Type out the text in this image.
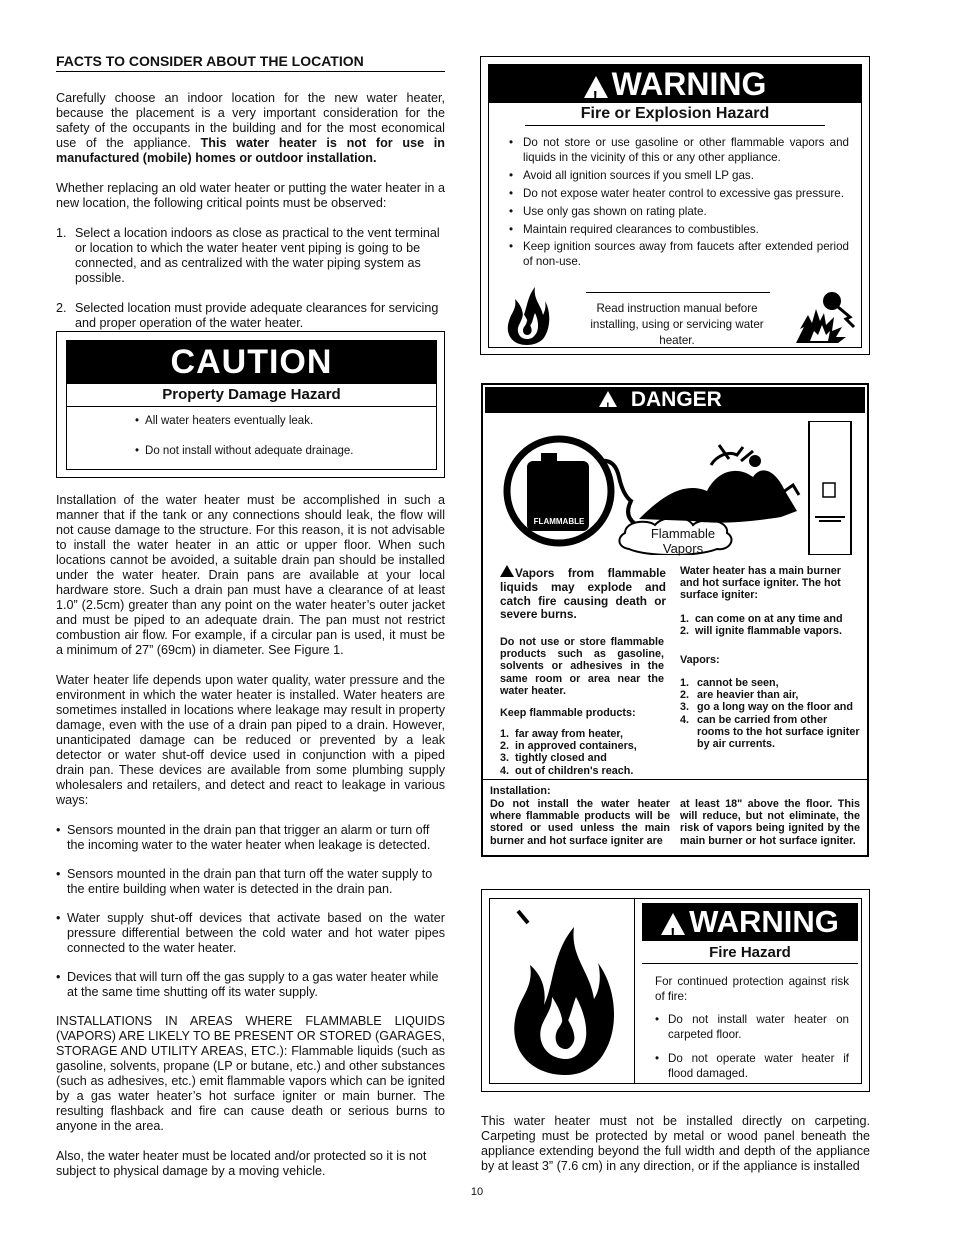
FACTS TO CONSIDER ABOUT THE LOCATION

Carefully choose an indoor location for the new water heater, because the placement is a very important consideration for the safety of the occupants in the building and for the most economical use of the appliance. This water heater is not for use in manufactured (mobile) homes or outdoor installation.

Whether replacing an old water heater or putting the water heater in a new location, the following critical points must be observed:

1. Select a location indoors as close as practical to the vent terminal or location to which the water heater vent piping is going to be connected, and as centralized with the water piping system as possible.
2. Selected location must provide adequate clearances for servicing and proper operation of the water heater.
CAUTION
Property Damage Hazard
• All water heaters eventually leak.
• Do not install without adequate drainage.

Installation of the water heater must be accomplished in such a manner that if the tank or any connections should leak, the flow will not cause damage to the structure. For this reason, it is not advisable to install the water heater in an attic or upper floor. When such locations cannot be avoided, a suitable drain pan should be installed under the water heater. Drain pans are available at your local hardware store. Such a drain pan must have a clearance of at least 1.0” (2.5cm) greater than any point on the water heater’s outer jacket and must be piped to an adequate drain. The pan must not restrict combustion air flow. For example, if a circular pan is used, it must be a minimum of 27” (69cm) in diameter. See Figure 1.

Water heater life depends upon water quality, water pressure and the environment in which the water heater is installed. Water heaters are sometimes installed in locations where leakage may result in property damage, even with the use of a drain pan piped to a drain. However, unanticipated damage can be reduced or prevented by a leak detector or water shut-off device used in conjunction with a piped drain pan. These devices are available from some plumbing supply wholesalers and retailers, and detect and react to leakage in various ways:

• Sensors mounted in the drain pan that trigger an alarm or turn off the incoming water to the water heater when leakage is detected.
• Sensors mounted in the drain pan that turn off the water supply to the entire building when water is detected in the drain pan.
• Water supply shut-off devices that activate based on the water pressure differential between the cold water and hot water pipes connected to the water heater.
• Devices that will turn off the gas supply to a gas water heater while at the same time shutting off its water supply.

INSTALLATIONS IN AREAS WHERE FLAMMABLE LIQUIDS (VAPORS) ARE LIKELY TO BE PRESENT OR STORED (GARAGES, STORAGE AND UTILITY AREAS, ETC.): Flammable liquids (such as gasoline, solvents, propane (LP or butane, etc.) and other substances (such as adhesives, etc.) emit flammable vapors which can be ignited by a gas water heater’s hot surface igniter or main burner. The resulting flashback and fire can cause death or serious burns to anyone in the area.

Also, the water heater must be located and/or protected so it is not subject to physical damage by a moving vehicle.

! WARNING
Fire or Explosion Hazard
• Do not store or use gasoline or other flammable vapors and liquids in the vicinity of this or any other appliance.
• Avoid all ignition sources if you smell LP gas.
• Do not expose water heater control to excessive gas pressure.
• Use only gas shown on rating plate.
• Maintain required clearances to combustibles.
• Keep ignition sources away from faucets after extended period of non-use.
Read instruction manual before installing, using or servicing water heater.
! DANGER
FLAMMABLE
Flammable Vapors
Vapors from flammable liquids may explode and catch fire causing death or severe burns.
Do not use or store flammable products such as gasoline, solvents or adhesives in the same room or area near the water heater.
Keep flammable products:
1.  far away from heater,
2.  in approved containers,
3.  tightly closed and
4.  out of children's reach.
Water heater has a main burner and hot surface igniter. The hot surface igniter:
1.  can come on at any time and
2.  will ignite flammable vapors.
Vapors:
1. cannot be seen,
2. are heavier than air,
3. go a long way on the floor and
4. can be carried from other rooms to the hot surface igniter by air currents.
Installation:
Do not install the water heater where flammable products will be stored or used unless the main burner and hot surface igniter are
at least 18" above the floor. This will reduce, but not eliminate, the risk of vapors being ignited by the main burner or hot surface igniter.
! WARNING
Fire Hazard
For continued protection against risk of fire:
• Do not install water heater on carpeted floor.
• Do not operate water heater if flood damaged.
This water heater must not be installed directly on carpeting. Carpeting must be protected by metal or wood panel beneath the appliance extending beyond the full width and depth of the appliance by at least 3” (7.6 cm) in any direction, or if the appliance is installed
10
